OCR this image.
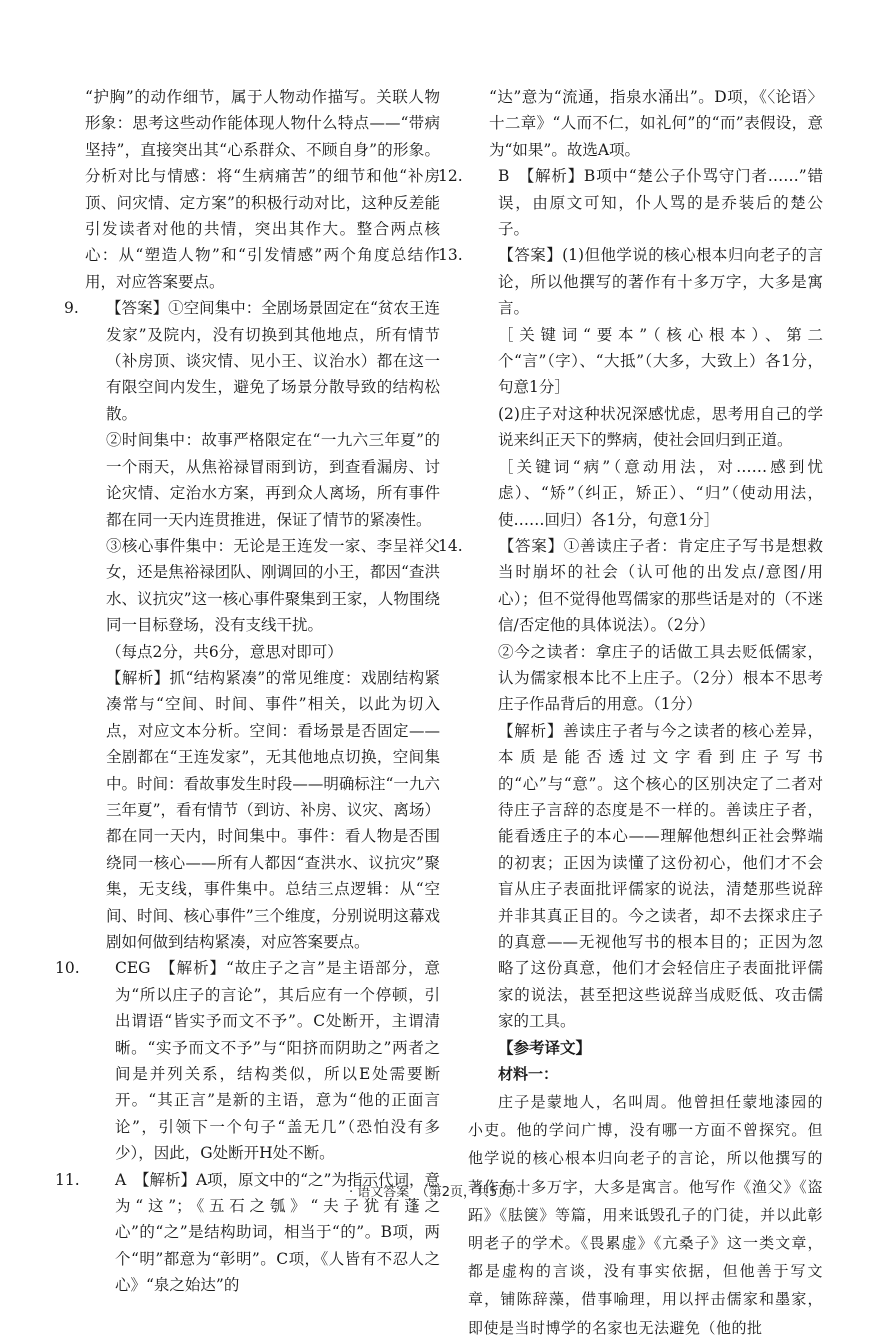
“护胸”的动作细节，属于人物动作描写。关联人物形象：思考这些动作能体现人物什么特点——“带病坚持”，直接突出其“心系群众、不顾自身”的形象。分析对比与情感：将“生病痛苦”的细节和他“补房顶、问灾情、定方案”的积极行动对比，这种反差能引发读者对他的共情，突出其作大。整合两点核心：从“塑造人物”和“引发情感”两个角度总结作用，对应答案要点。

9. 【答案】①空间集中：全剧场景固定在“贫农王连发家”及院内，没有切换到其他地点，所有情节（补房顶、谈灾情、见小王、议治水）都在这一有限空间内发生，避免了场景分散导致的结构松散。

②时间集中：故事严格限定在“一九六三年夏”的一个雨天，从焦裕禄冒雨到访，到查看漏房、讨论灾情、定治水方案，再到众人离场，所有事件都在同一天内连贯推进，保证了情节的紧凑性。

③核心事件集中：无论是王连发一家、李呈祥父女，还是焦裕禄团队、刚调回的小王，都因“查洪水、议抗灾”这一核心事件聚集到王家，人物围绕同一目标登场，没有支线干扰。

（每点2分，共6分，意思对即可）

【解析】抓“结构紧凑”的常见维度：戏剧结构紧凑常与“空间、时间、事件”相关，以此为切入点，对应文本分析。空间：看场景是否固定——全剧都在“王连发家”，无其他地点切换，空间集中。时间：看故事发生时段——明确标注“一九六三年夏”，看有情节（到访、补房、议灾、离场）都在同一天内，时间集中。事件：看人物是否围绕同一核心——所有人都因“查洪水、议抗灾”聚集，无支线，事件集中。总结三点逻辑：从“空间、时间、核心事件”三个维度，分别说明这幕戏剧如何做到结构紧凑，对应答案要点。

10. CEG　【解析】“故庄子之言”是主语部分，意为“所以庄子的言论”，其后应有一个停顿，引出谓语“皆实予而文不予”。C处断开，主谓清晰。“实予而文不予”与“阳挤而阴助之”两者之间是并列关系，结构类似，所以E处需要断开。“其正言”是新的主语，意为“他的正面言论”，引领下一个句子“盖无几”（恐怕没有多少），因此，G处断开H处不断。

11. A　【解析】A项，原文中的“之”为指示代词，意为“这”；《五石之瓠》“夫子犹有蓬之心”的“之”是结构助词，相当于“的”。B项，两个“明”都意为“彰明”。C项，《人皆有不忍人之心》“泉之始达”的

“达”意为“流通，指泉水涌出”。D项，《〈论语〉十二章》“人而不仁，如礼何”的“而”表假设，意为“如果”。故选A项。

12. B　【解析】B项中“楚公子仆骂守门者……”错误，由原文可知，仆人骂的是乔装后的楚公子。

13. 【答案】(1)但他学说的核心根本归向老子的言论，所以他撰写的著作有十多万字，大多是寓言。

［关键词“要本”（核心根本）、第二个“言”（字）、“大抵”（大多，大致上）各1分，句意1分］

(2)庄子对这种状况深感忧虑，思考用自己的学说来纠正天下的弊病，使社会回归到正道。

［关键词“病”（意动用法，对……感到忧虑）、“矫”（纠正，矫正）、“归”（使动用法，使……回归）各1分，句意1分］

14. 【答案】①善读庄子者：肯定庄子写书是想救当时崩坏的社会（认可他的出发点/意图/用心）；但不觉得他骂儒家的那些话是对的（不迷信/否定他的具体说法）。（2分）

②今之读者：拿庄子的话做工具去贬低儒家，认为儒家根本比不上庄子。（2分）根本不思考庄子作品背后的用意。（1分）

【解析】善读庄子者与今之读者的核心差异，本质是能否透过文字看到庄子写书的“心”与“意”。这个核心的区别决定了二者对待庄子言辞的态度是不一样的。善读庄子者，能看透庄子的本心——理解他想纠正社会弊端的初衷；正因为读懂了这份初心，他们才不会盲从庄子表面批评儒家的说法，清楚那些说辞并非其真正目的。今之读者，却不去探求庄子的真意——无视他写书的根本目的；正因为忽略了这份真意，他们才会轻信庄子表面批评儒家的说法，甚至把这些说辞当成贬低、攻击儒家的工具。

【参考译文】

材料一：

庄子是蒙地人，名叫周。他曾担任蒙地漆园的小吏。他的学问广博，没有哪一方面不曾探究。但他学说的核心根本归向老子的言论，所以他撰写的著作有十多万字，大多是寓言。他写作《渔父》《盗跖》《胠箧》等篇，用来诋毁孔子的门徒，并以此彰明老子的学术。《畏累虚》《亢桑子》这一类文章，都是虚构的言谈，没有事实依据，但他善于写文章，铺陈辞藻，借事喻理，用以抨击儒家和墨家，即使是当时博学的名家也无法避免（他的批

· 语文答案　（第2页，共5页）·
